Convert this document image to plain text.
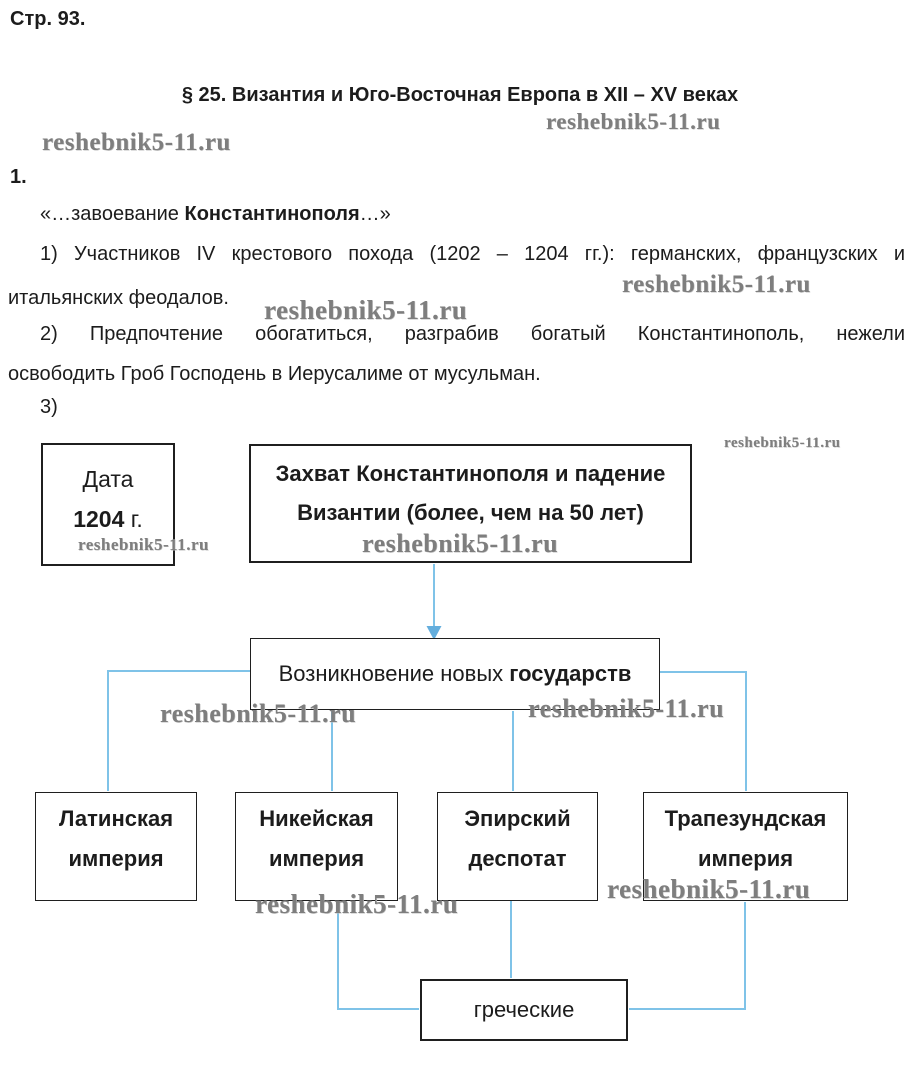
Стр. 93.
§ 25. Византия и Юго-Восточная Европа в XII – XV веках
1.
«…завоевание Константинополя…»
1) Участников IV крестового похода (1202 – 1204 гг.): германских, французских и
итальянских феодалов.
2) Предпочтение обогатиться, разграбив богатый Константинополь, нежели
освободить Гроб Господень в Иерусалиме от мусульман.
3)
Дата
1204 г.
Захват Константинополя и падение
Византии (более, чем на 50 лет)
Возникновение новых государств
Латинская
империя
Никейская
империя
Эпирский
деспотат
Трапезундская
империя
греческие
reshebnik5-11.ru
reshebnik5-11.ru
reshebnik5-11.ru
reshebnik5-11.ru
reshebnik5-11.ru
reshebnik5-11.ru	reshebnik5-11.ru
reshebnik5-11.ru	reshebnik5-11.ru
reshebnik5-11.ru	reshebnik5-11.ru
